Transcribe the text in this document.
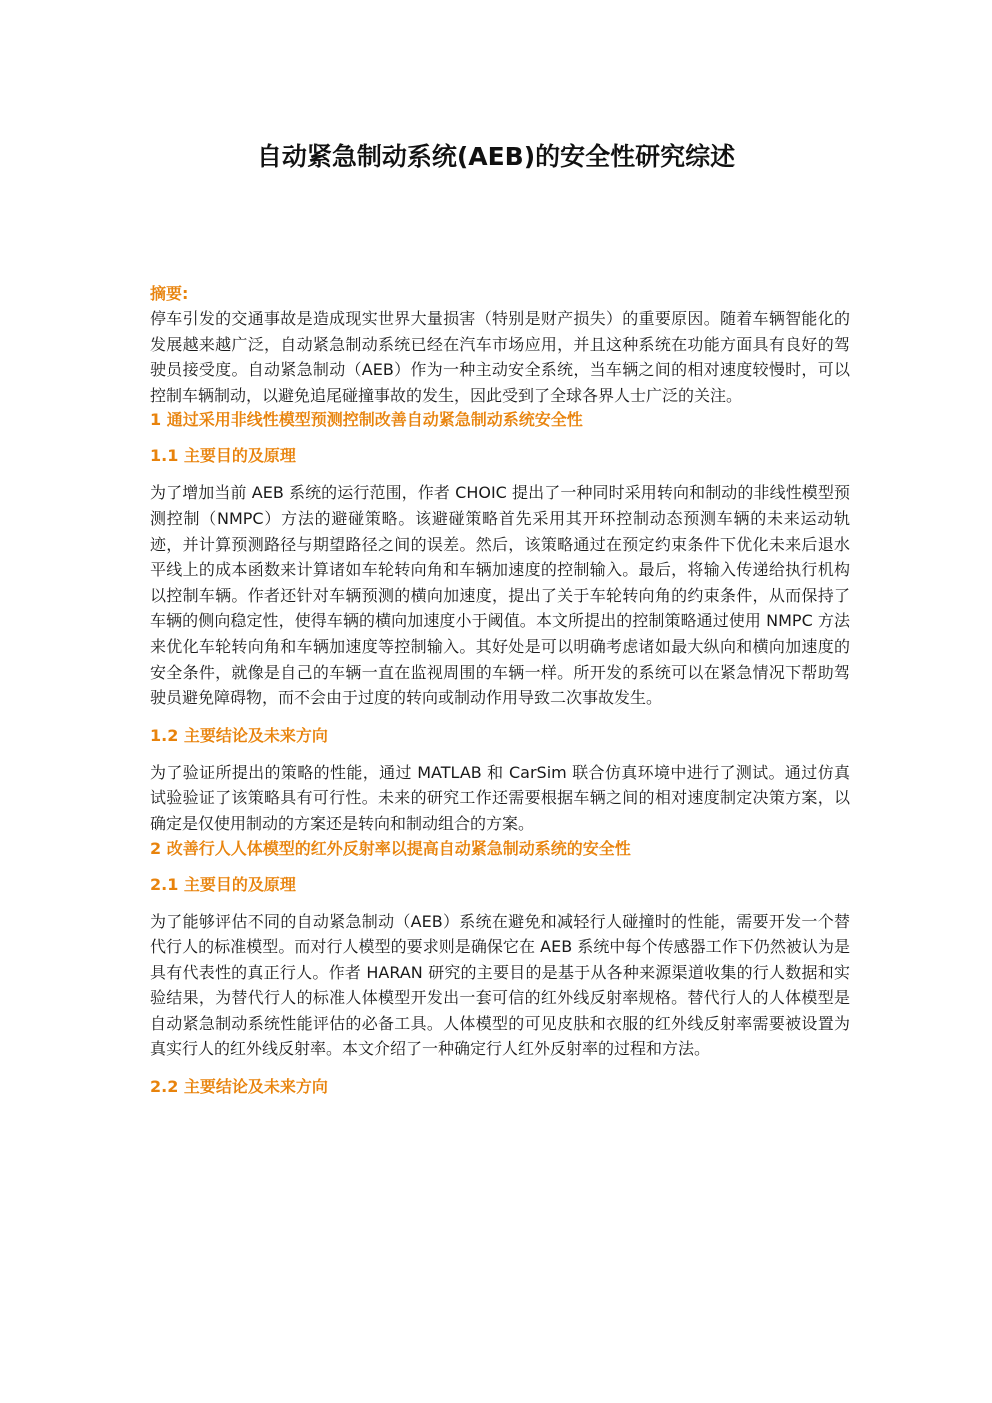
自动紧急制动系统(AEB)的安全性研究综述

摘要:

停车引发的交通事故是造成现实世界大量损害（特别是财产损失）的重要原因。随着车辆智能化的发展越来越广泛，自动紧急制动系统已经在汽车市场应用，并且这种系统在功能方面具有良好的驾驶员接受度。自动紧急制动（AEB）作为一种主动安全系统，当车辆之间的相对速度较慢时，可以控制车辆制动，以避免追尾碰撞事故的发生，因此受到了全球各界人士广泛的关注。

1 通过采用非线性模型预测控制改善自动紧急制动系统安全性

1.1 主要目的及原理

为了增加当前 AEB 系统的运行范围，作者 CHOIC 提出了一种同时采用转向和制动的非线性模型预测控制（NMPC）方法的避碰策略。该避碰策略首先采用其开环控制动态预测车辆的未来运动轨迹，并计算预测路径与期望路径之间的误差。然后，该策略通过在预定约束条件下优化未来后退水平线上的成本函数来计算诸如车轮转向角和车辆加速度的控制输入。最后，将输入传递给执行机构以控制车辆。作者还针对车辆预测的横向加速度，提出了关于车轮转向角的约束条件，从而保持了车辆的侧向稳定性，使得车辆的横向加速度小于阈值。本文所提出的控制策略通过使用 NMPC 方法来优化车轮转向角和车辆加速度等控制输入。其好处是可以明确考虑诸如最大纵向和横向加速度的安全条件，就像是自己的车辆一直在监视周围的车辆一样。所开发的系统可以在紧急情况下帮助驾驶员避免障碍物，而不会由于过度的转向或制动作用导致二次事故发生。

1.2 主要结论及未来方向

为了验证所提出的策略的性能，通过 MATLAB 和 CarSim 联合仿真环境中进行了测试。通过仿真试验验证了该策略具有可行性。未来的研究工作还需要根据车辆之间的相对速度制定决策方案，以确定是仅使用制动的方案还是转向和制动组合的方案。

2 改善行人人体模型的红外反射率以提高自动紧急制动系统的安全性

2.1 主要目的及原理

为了能够评估不同的自动紧急制动（AEB）系统在避免和减轻行人碰撞时的性能，需要开发一个替代行人的标准模型。而对行人模型的要求则是确保它在 AEB 系统中每个传感器工作下仍然被认为是具有代表性的真正行人。作者 HARAN 研究的主要目的是基于从各种来源渠道收集的行人数据和实验结果，为替代行人的标准人体模型开发出一套可信的红外线反射率规格。替代行人的人体模型是自动紧急制动系统性能评估的必备工具。人体模型的可见皮肤和衣服的红外线反射率需要被设置为真实行人的红外线反射率。本文介绍了一种确定行人红外反射率的过程和方法。

2.2 主要结论及未来方向
